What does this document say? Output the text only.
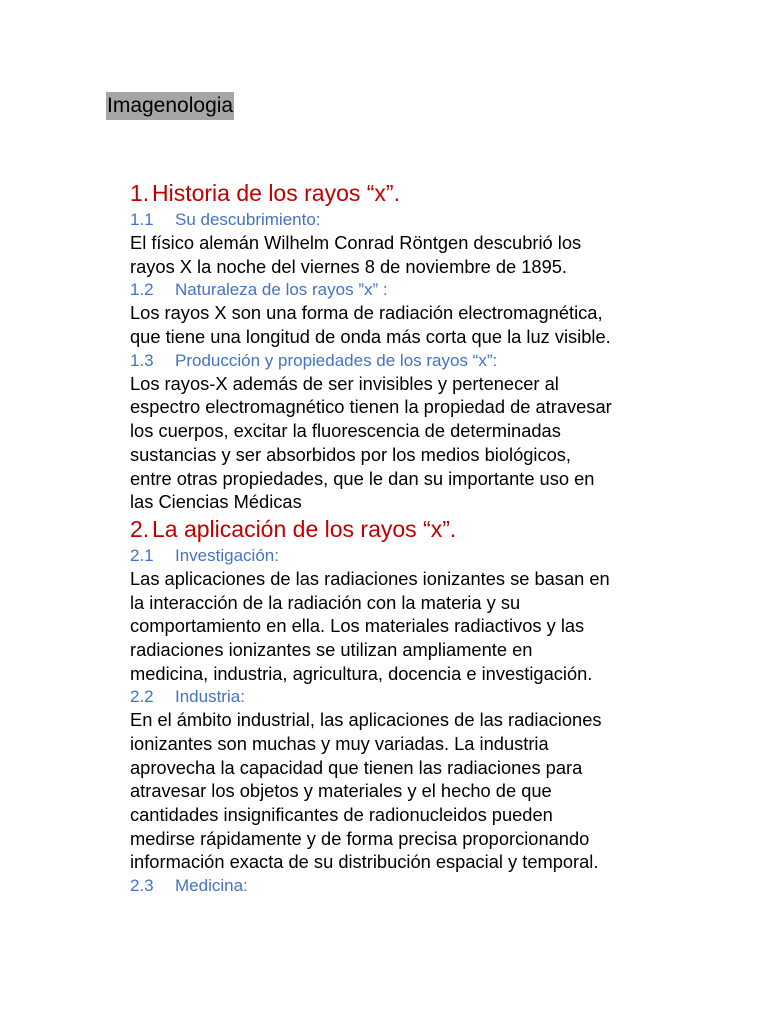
Imagenologia
1. Historia de los rayos “x”.
1.1 Su descubrimiento:
El físico alemán Wilhelm Conrad Röntgen descubrió los
rayos X la noche del viernes 8 de noviembre de 1895.
1.2 Naturaleza de los rayos ”x” :
Los rayos X son una forma de radiación electromagnética,
que tiene una longitud de onda más corta que la luz visible.
1.3 Producción y propiedades de los rayos “x”:
Los rayos-X además de ser invisibles y pertenecer al
espectro electromagnético tienen la propiedad de atravesar
los cuerpos, excitar la fluorescencia de determinadas
sustancias y ser absorbidos por los medios biológicos,
entre otras propiedades, que le dan su importante uso en
las Ciencias Médicas
2. La aplicación de los rayos “x”.
2.1 Investigación:
Las aplicaciones de las radiaciones ionizantes se basan en
la interacción de la radiación con la materia y su
comportamiento en ella. Los materiales radiactivos y las
radiaciones ionizantes se utilizan ampliamente en
medicina, industria, agricultura, docencia e investigación.
2.2 Industria:
En el ámbito industrial, las aplicaciones de las radiaciones
ionizantes son muchas y muy variadas. La industria
aprovecha la capacidad que tienen las radiaciones para
atravesar los objetos y materiales y el hecho de que
cantidades insignificantes de radionucleidos pueden
medirse rápidamente y de forma precisa proporcionando
información exacta de su distribución espacial y temporal.
2.3 Medicina:
